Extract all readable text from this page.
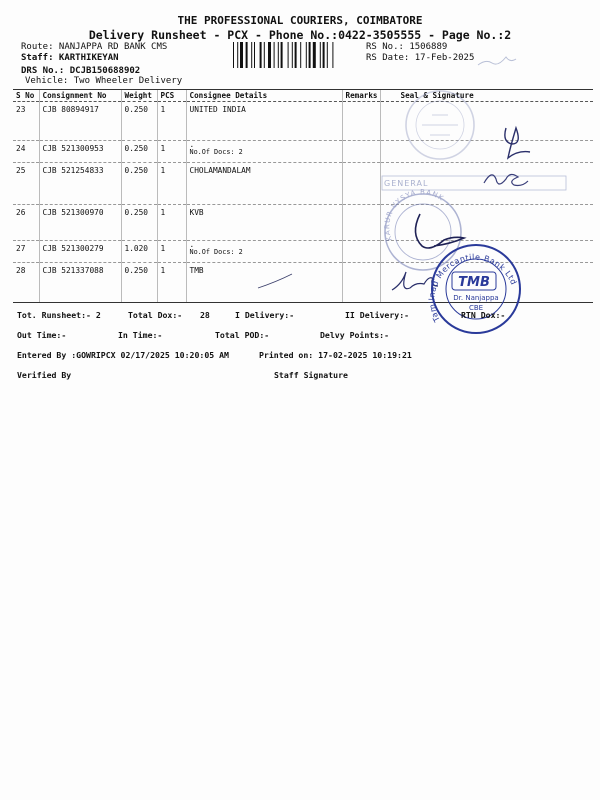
THE PROFESSIONAL COURIERS, COIMBATORE
Delivery Runsheet - PCX - Phone No.:0422-3505555 - Page No.:2
Route: NANJAPPA RD BANK CMS
Staff: KARTHIKEYAN
DRS No.: DCJB150688902
Vehicle: Two Wheeler Delivery
RS No.: 1506889
RS Date: 17-Feb-2025
S No	Consignment No	Weight	PCS	Consignee Details	Remarks	Seal & Signature
23	CJB 80894917	0.250	1	UNITED INDIA		
24	CJB 521300953	0.250	1	.
No.Of Docs: 2		

25	CJB 521254833	0.250	1	CHOLAMANDALAM		
26	CJB 521300970	0.250	1	KVB		
27	CJB 521300279	1.020	1	.
No.Of Docs: 2		

28	CJB 521337088	0.250	1	TMB		
GENERAL
KARUR VYSYA BANK
Tamilnad Mercantile Bank Ltd
TMB
Dr. Nanjappa
CBE
Tot. Runsheet:- 2	Total Dox:- 28	I Delivery:-	II Delivery:-	RTN Dox:-
Out Time:-	In Time:-	Total POD:-	Delvy Points:-
Entered By :GOWRIPCX 02/17/2025 10:20:05 AM	Printed on: 17-02-2025 10:19:21
Verified By	Staff Signature
